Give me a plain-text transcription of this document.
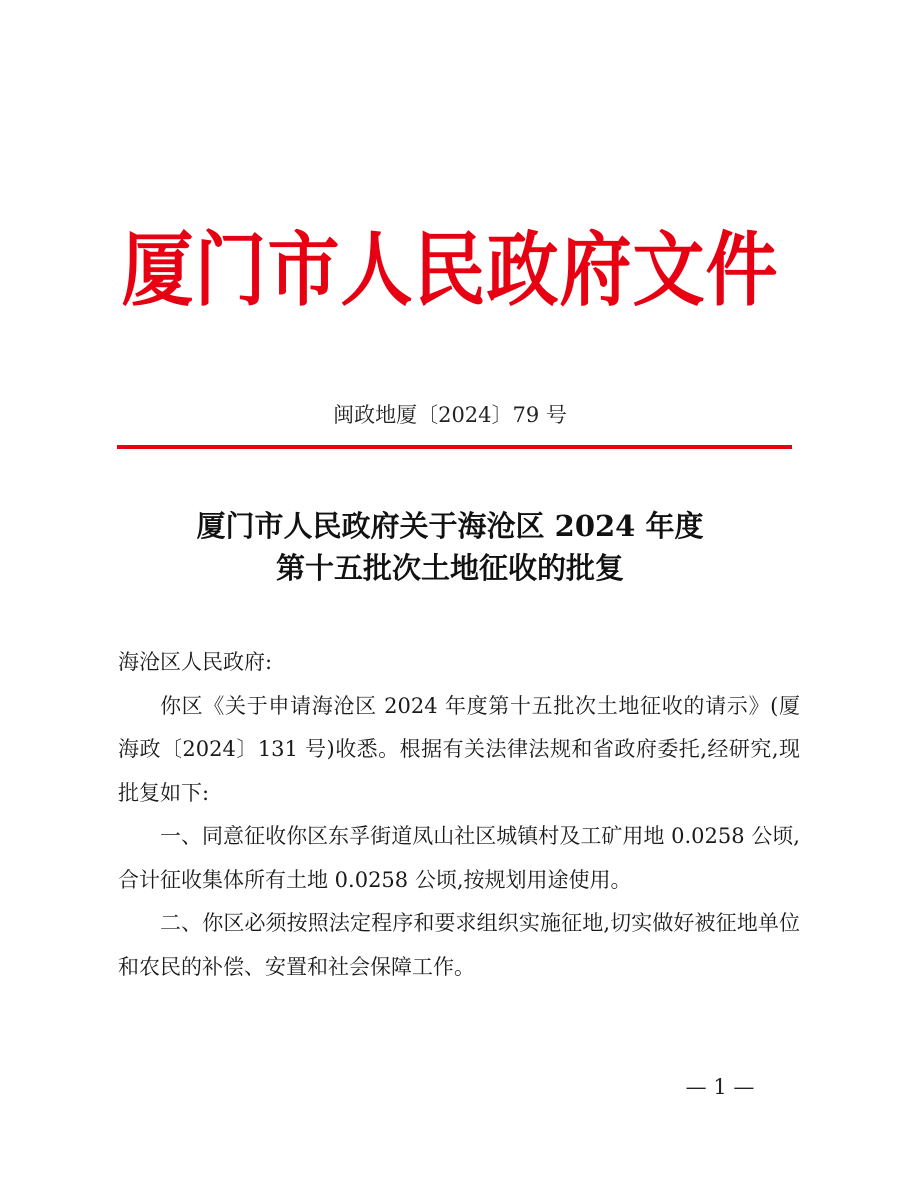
厦门市人民政府文件
闽政地厦〔2024〕79 号
厦门市人民政府关于海沧区 2024 年度
第十五批次土地征收的批复

海沧区人民政府:

你区《关于申请海沧区 2024 年度第十五批次土地征收的请示》(厦海政〔2024〕131 号)收悉。根据有关法律法规和省政府委托,经研究,现批复如下:

一、同意征收你区东孚街道凤山社区城镇村及工矿用地 0.0258 公顷,合计征收集体所有土地 0.0258 公顷,按规划用途使用。

二、你区必须按照法定程序和要求组织实施征地,切实做好被征地单位和农民的补偿、安置和社会保障工作。

— 1 —
